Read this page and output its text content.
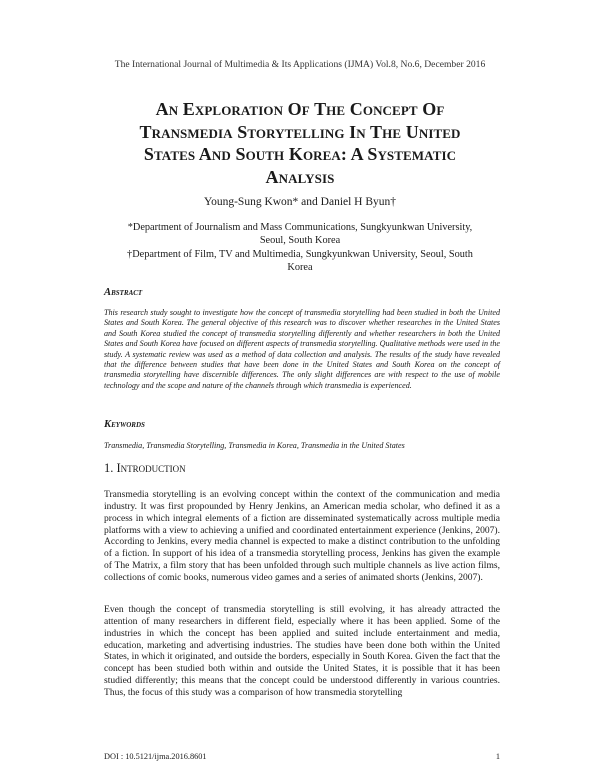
The International Journal of Multimedia & Its Applications (IJMA) Vol.8, No.6, December 2016
An Exploration Of The Concept Of
Transmedia Storytelling In The United
States And South Korea: A Systematic
Analysis
Young-Sung Kwon* and Daniel H Byun†
*Department of Journalism and Mass Communications, Sungkyunkwan University,
Seoul, South Korea
†Department of Film, TV and Multimedia, Sungkyunkwan University, Seoul, South
Korea
Abstract
This research study sought to investigate how the concept of transmedia storytelling had been studied in both the United States and South Korea. The general objective of this research was to discover whether researches in the United States and South Korea studied the concept of transmedia storytelling differently and whether researchers in both the United States and South Korea have focused on different aspects of transmedia storytelling. Qualitative methods were used in the study. A systematic review was used as a method of data collection and analysis. The results of the study have revealed that the difference between studies that have been done in the United States and South Korea on the concept of transmedia storytelling have discernible differences. The only slight differences are with respect to the use of mobile technology and the scope and nature of the channels through which transmedia is experienced.
Keywords
Transmedia, Transmedia Storytelling, Transmedia in Korea, Transmedia in the United States
1. Introduction
Transmedia storytelling is an evolving concept within the context of the communication and media industry. It was first propounded by Henry Jenkins, an American media scholar, who defined it as a process in which integral elements of a fiction are disseminated systematically across multiple media platforms with a view to achieving a unified and coordinated entertainment experience (Jenkins, 2007). According to Jenkins, every media channel is expected to make a distinct contribution to the unfolding of a fiction. In support of his idea of a transmedia storytelling process, Jenkins has given the example of The Matrix, a film story that has been unfolded through such multiple channels as live action films, collections of comic books, numerous video games and a series of animated shorts (Jenkins, 2007).
Even though the concept of transmedia storytelling is still evolving, it has already attracted the attention of many researchers in different field, especially where it has been applied. Some of the industries in which the concept has been applied and suited include entertainment and media, education, marketing and advertising industries. The studies have been done both within the United States, in which it originated, and outside the borders, especially in South Korea. Given the fact that the concept has been studied both within and outside the United States, it is possible that it has been studied differently; this means that the concept could be understood differently in various countries. Thus, the focus of this study was a comparison of how transmedia storytelling
DOI : 10.5121/ijma.2016.8601	1
